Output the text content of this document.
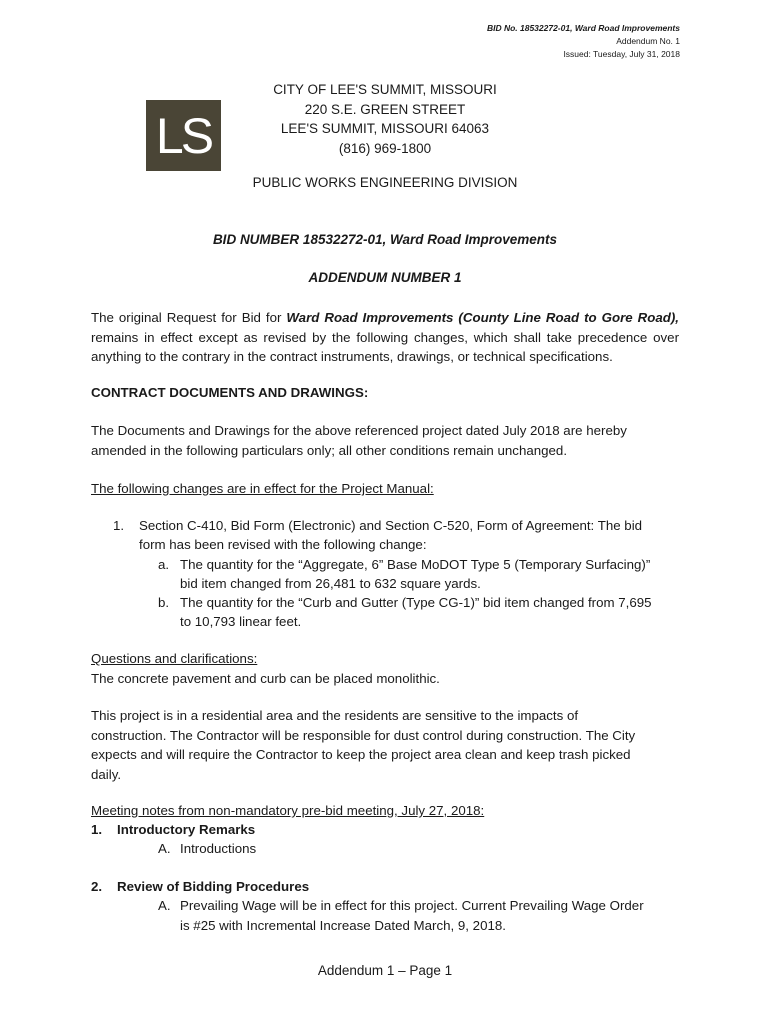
BID No. 18532272-01, Ward Road Improvements
Addendum No. 1
Issued: Tuesday, July 31, 2018
LS
CITY OF LEE'S SUMMIT, MISSOURI
220 S.E. GREEN STREET
LEE'S SUMMIT, MISSOURI 64063
(816) 969-1800
PUBLIC WORKS ENGINEERING DIVISION
BID NUMBER 18532272-01, Ward Road Improvements
ADDENDUM NUMBER 1
The original Request for Bid for Ward Road Improvements (County Line Road to Gore Road), remains in effect except as revised by the following changes, which shall take precedence over anything to the contrary in the contract instruments, drawings, or technical specifications.
CONTRACT DOCUMENTS AND DRAWINGS:
The Documents and Drawings for the above referenced project dated July 2018 are hereby
amended in the following particulars only; all other conditions remain unchanged.
The following changes are in effect for the Project Manual:
1.	Section C-410, Bid Form (Electronic) and Section C-520, Form of Agreement: The bid
form has been revised with the following change:
a. The quantity for the “Aggregate, 6” Base MoDOT Type 5 (Temporary Surfacing)”
bid item changed from 26,481 to 632 square yards.
b. The quantity for the “Curb and Gutter (Type CG-1)” bid item changed from 7,695
to 10,793 linear feet.
Questions and clarifications:
The concrete pavement and curb can be placed monolithic.
This project is in a residential area and the residents are sensitive to the impacts of
construction. The Contractor will be responsible for dust control during construction. The City
expects and will require the Contractor to keep the project area clean and keep trash picked
daily.
Meeting notes from non-mandatory pre-bid meeting, July 27, 2018:
1.	Introductory Remarks
A. Introductions
2.	Review of Bidding Procedures
A. Prevailing Wage will be in effect for this project. Current Prevailing Wage Order
is #25 with Incremental Increase Dated March, 9, 2018.
Addendum 1 – Page 1
